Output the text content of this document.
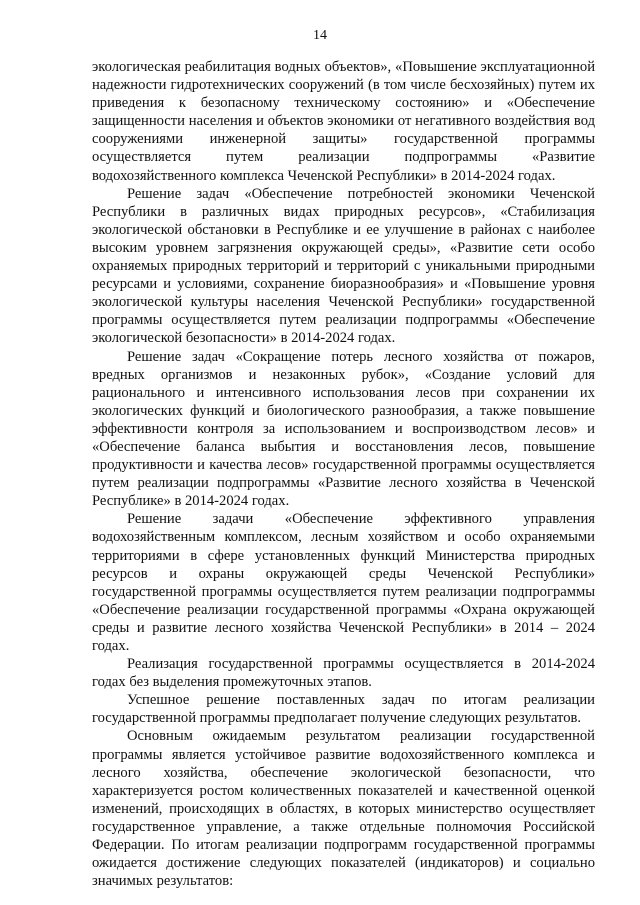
14

экологическая реабилитация водных объектов», «Повышение эксплуатационной надежности гидротехнических сооружений (в том числе бесхозяйных) путем их приведения к безопасному техническому состоянию» и «Обеспечение защищенности населения и объектов экономики от негативного воздействия вод сооружениями инженерной защиты» государственной программы осуществляется путем реализации подпрограммы «Развитие водохозяйственного комплекса Чеченской Республики» в 2014-2024 годах.

Решение задач «Обеспечение потребностей экономики Чеченской Республики в различных видах природных ресурсов», «Стабилизация экологической обстановки в Республике и ее улучшение в районах с наиболее высоким уровнем загрязнения окружающей среды», «Развитие сети особо охраняемых природных территорий и территорий с уникальными природными ресурсами и условиями, сохранение биоразнообразия» и «Повышение уровня экологической культуры населения Чеченской Республики» государственной программы осуществляется путем реализации подпрограммы «Обеспечение экологической безопасности» в 2014-2024 годах.

Решение задач «Сокращение потерь лесного хозяйства от пожаров, вредных организмов и незаконных рубок», «Создание условий для рационального и интенсивного использования лесов при сохранении их экологических функций и биологического разнообразия, а также повышение эффективности контроля за использованием и воспроизводством лесов» и «Обеспечение баланса выбытия и восстановления лесов, повышение продуктивности и качества лесов» государственной программы осуществляется путем реализации подпрограммы «Развитие лесного хозяйства в Чеченской Республике» в 2014-2024 годах.

Решение задачи «Обеспечение эффективного управления водохозяйственным комплексом, лесным хозяйством и особо охраняемыми территориями в сфере установленных функций Министерства природных ресурсов и охраны окружающей среды Чеченской Республики» государственной программы осуществляется путем реализации подпрограммы «Обеспечение реализации государственной программы «Охрана окружающей среды и развитие лесного хозяйства Чеченской Республики» в 2014 – 2024 годах.

Реализация государственной программы осуществляется в 2014-2024 годах без выделения промежуточных этапов.

Успешное решение поставленных задач по итогам реализации государственной программы предполагает получение следующих результатов.

Основным ожидаемым результатом реализации государственной программы является устойчивое развитие водохозяйственного комплекса и лесного хозяйства, обеспечение экологической безопасности, что характеризуется ростом количественных показателей и качественной оценкой изменений, происходящих в областях, в которых министерство осуществляет государственное управление, а также отдельные полномочия Российской Федерации. По итогам реализации подпрограмм государственной программы ожидается достижение следующих показателей (индикаторов) и социально значимых результатов:
